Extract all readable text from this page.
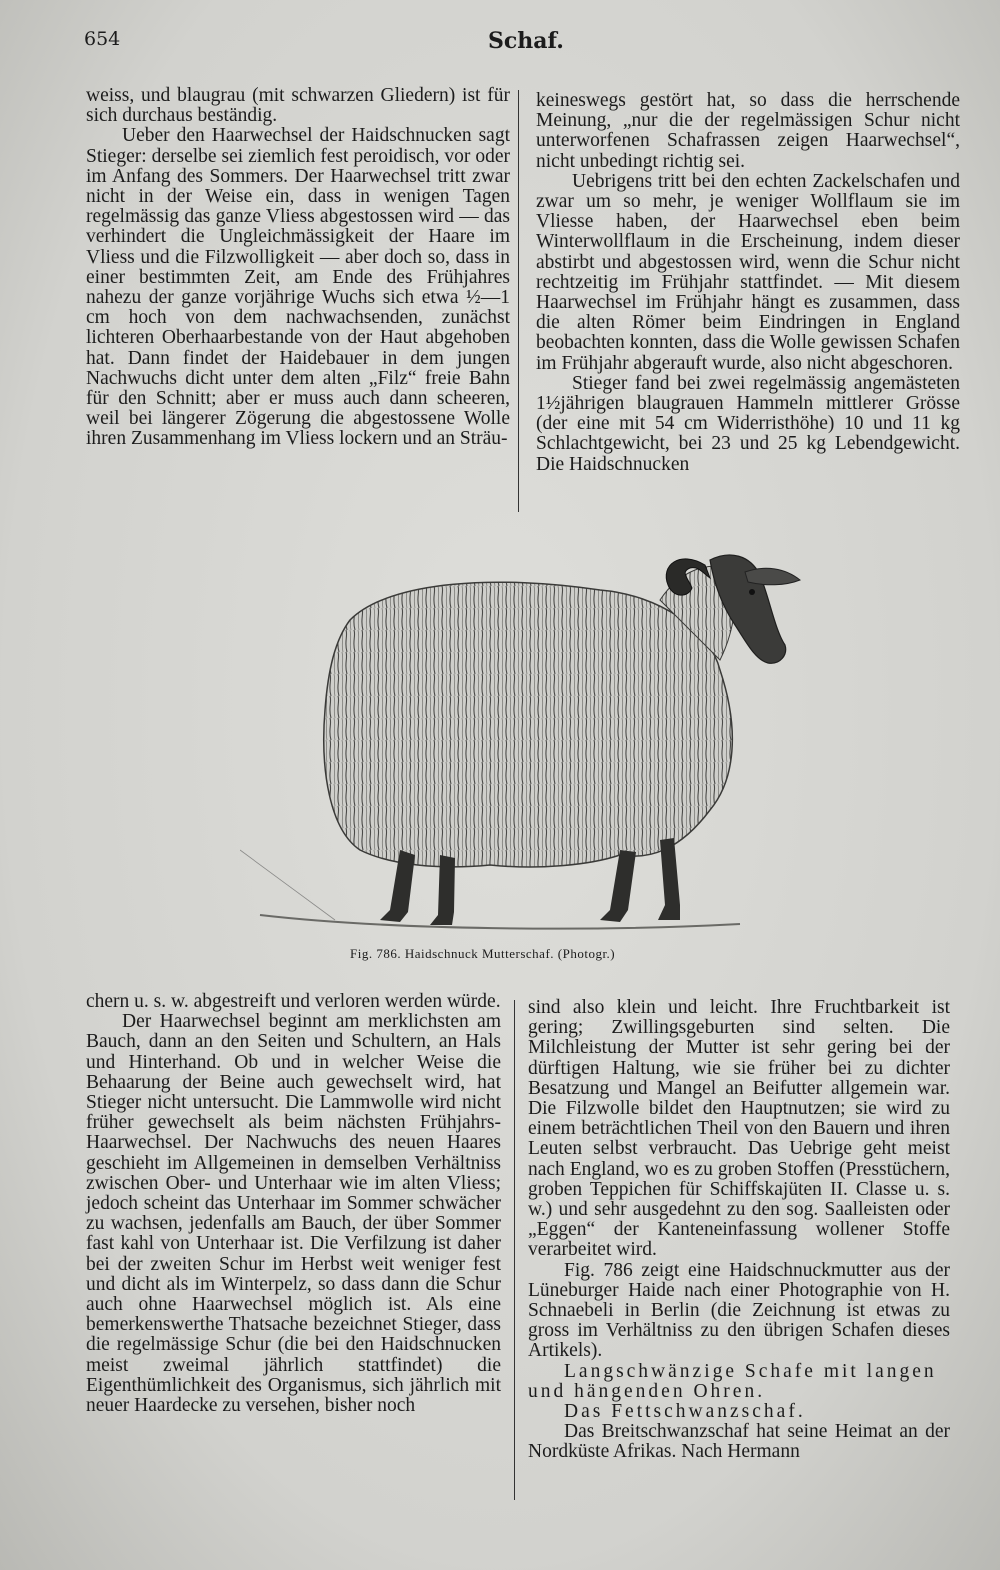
654	Schaf.

weiss, und blaugrau (mit schwarzen Gliedern) ist für sich durchaus beständig.

Ueber den Haarwechsel der Haidschnucken sagt Stieger: derselbe sei ziemlich fest peroidisch, vor oder im Anfang des Sommers. Der Haarwechsel tritt zwar nicht in der Weise ein, dass in wenigen Tagen regelmässig das ganze Vliess abgestossen wird — das verhindert die Ungleichmässigkeit der Haare im Vliess und die Filzwolligkeit — aber doch so, dass in einer bestimmten Zeit, am Ende des Frühjahres nahezu der ganze vorjährige Wuchs sich etwa ½—1 cm hoch von dem nachwachsenden, zunächst lichteren Oberhaarbestande von der Haut abgehoben hat. Dann findet der Haidebauer in dem jungen Nachwuchs dicht unter dem alten „Filz“ freie Bahn für den Schnitt; aber er muss auch dann scheeren, weil bei längerer Zögerung die abgestossene Wolle ihren Zusammenhang im Vliess lockern und an Sträu-

keineswegs gestört hat, so dass die herrschende Meinung, „nur die der regelmässigen Schur nicht unterworfenen Schafrassen zeigen Haarwechsel“, nicht unbedingt richtig sei.

Uebrigens tritt bei den echten Zackelschafen und zwar um so mehr, je weniger Wollflaum sie im Vliesse haben, der Haarwechsel eben beim Winterwollflaum in die Erscheinung, indem dieser abstirbt und abgestossen wird, wenn die Schur nicht rechtzeitig im Frühjahr stattfindet. — Mit diesem Haarwechsel im Frühjahr hängt es zusammen, dass die alten Römer beim Eindringen in England beobachten konnten, dass die Wolle gewissen Schafen im Frühjahr abgerauft wurde, also nicht abgeschoren.

Stieger fand bei zwei regelmässig angemästeten 1½jährigen blaugrauen Hammeln mittlerer Grösse (der eine mit 54 cm Widerristhöhe) 10 und 11 kg Schlachtgewicht, bei 23 und 25 kg Lebendgewicht. Die Haidschnucken

Fig. 786. Haidschnuck Mutterschaf. (Photogr.)

chern u. s. w. abgestreift und verloren werden würde.

Der Haarwechsel beginnt am merklichsten am Bauch, dann an den Seiten und Schultern, an Hals und Hinterhand. Ob und in welcher Weise die Behaarung der Beine auch gewechselt wird, hat Stieger nicht untersucht. Die Lammwolle wird nicht früher gewechselt als beim nächsten Frühjahrs-Haarwechsel. Der Nachwuchs des neuen Haares geschieht im Allgemeinen in demselben Verhältniss zwischen Ober- und Unterhaar wie im alten Vliess; jedoch scheint das Unterhaar im Sommer schwächer zu wachsen, jedenfalls am Bauch, der über Sommer fast kahl von Unterhaar ist. Die Verfilzung ist daher bei der zweiten Schur im Herbst weit weniger fest und dicht als im Winterpelz, so dass dann die Schur auch ohne Haarwechsel möglich ist. Als eine bemerkenswerthe Thatsache bezeichnet Stieger, dass die regelmässige Schur (die bei den Haidschnucken meist zweimal jährlich stattfindet) die Eigenthümlichkeit des Organismus, sich jährlich mit neuer Haardecke zu versehen, bisher noch

sind also klein und leicht. Ihre Fruchtbarkeit ist gering; Zwillingsgeburten sind selten. Die Milchleistung der Mutter ist sehr gering bei der dürftigen Haltung, wie sie früher bei zu dichter Besatzung und Mangel an Beifutter allgemein war. Die Filzwolle bildet den Hauptnutzen; sie wird zu einem beträchtlichen Theil von den Bauern und ihren Leuten selbst verbraucht. Das Uebrige geht meist nach England, wo es zu groben Stoffen (Presstüchern, groben Teppichen für Schiffskajüten II. Classe u. s. w.) und sehr ausgedehnt zu den sog. Saalleisten oder „Eggen“ der Kanteneinfassung wollener Stoffe verarbeitet wird.

Fig. 786 zeigt eine Haidschnuckmutter aus der Lüneburger Haide nach einer Photographie von H. Schnaebeli in Berlin (die Zeichnung ist etwas zu gross im Verhältniss zu den übrigen Schafen dieses Artikels).

Langschwänzige Schafe mit langen und hängenden Ohren.

Das Fettschwanzschaf.

Das Breitschwanzschaf hat seine Heimat an der Nordküste Afrikas. Nach Hermann
